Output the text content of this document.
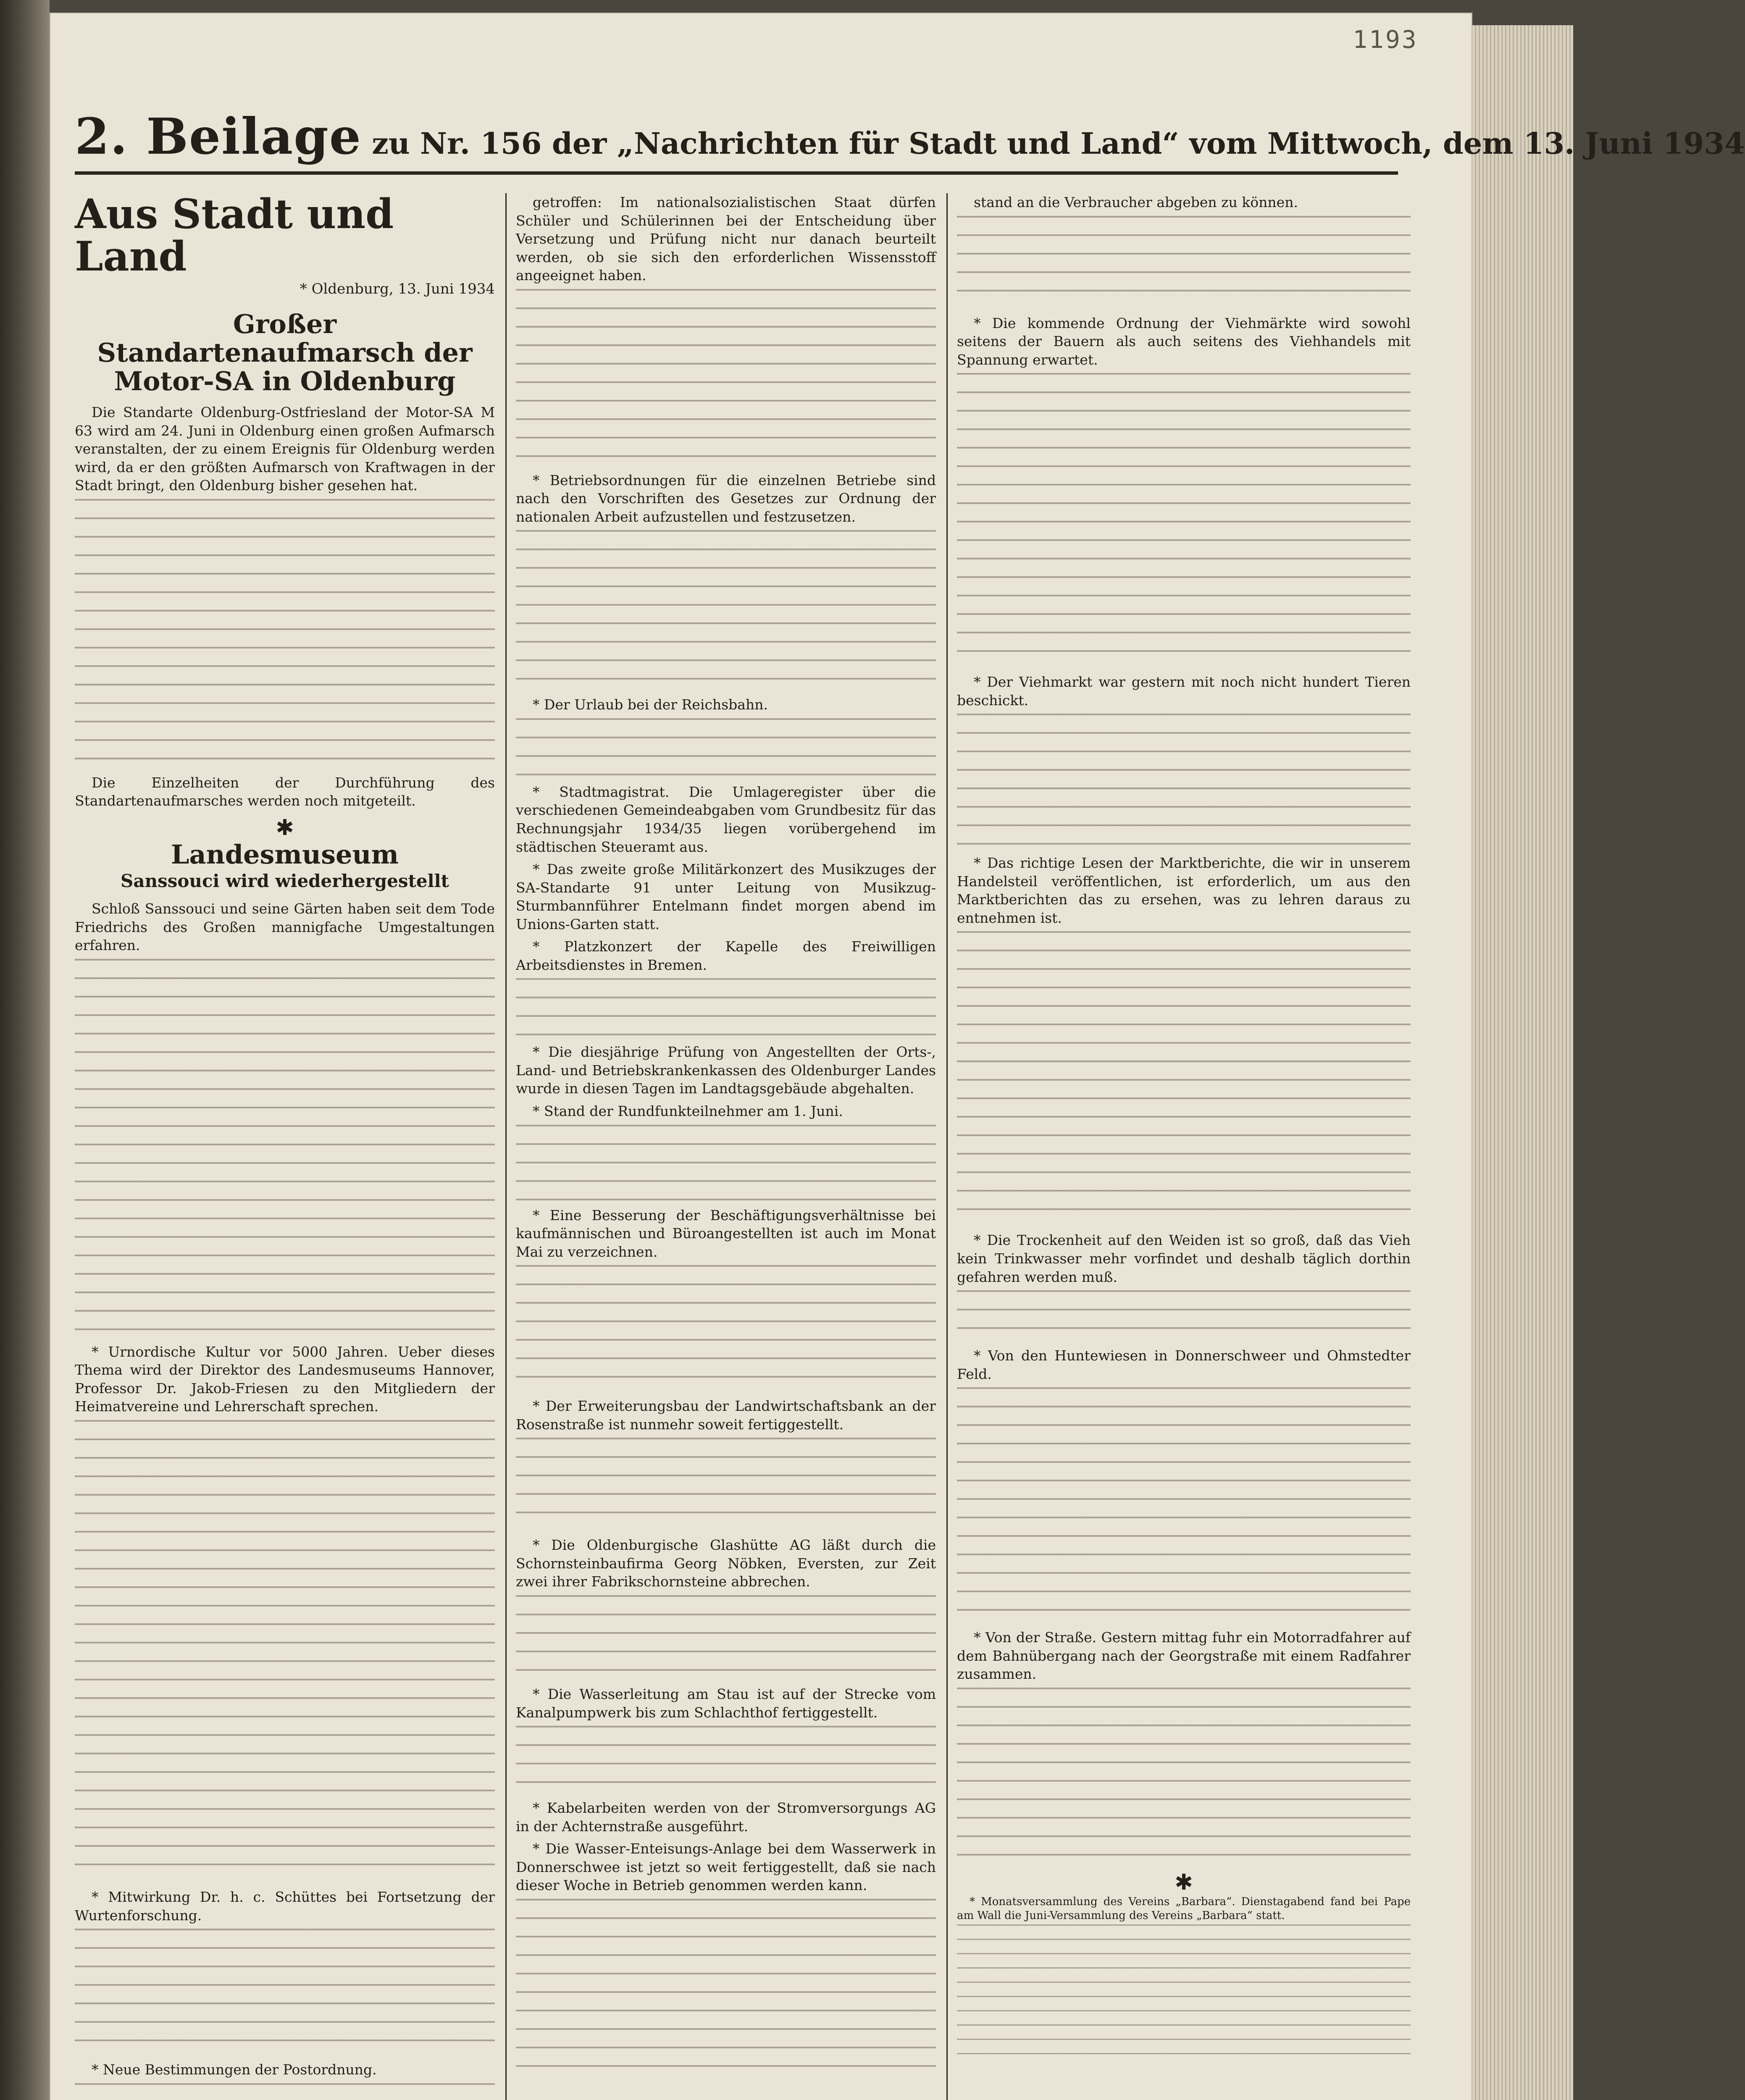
2. Beilage zu Nr. 156 der „Nachrichten für Stadt und Land“ vom Mittwoch, dem 13. Juni 1934
Aus Stadt und Land
* Oldenburg, 13. Juni 1934
Großer Standartenaufmarsch der Motor-SA in Oldenburg

Die Standarte Oldenburg-Ostfriesland der Motor-SA M 63 wird am 24. Juni in Oldenburg einen großen Aufmarsch veranstalten, der zu einem Ereignis für Oldenburg werden wird, da er den größten Aufmarsch von Kraftwagen in der Stadt bringt, den Oldenburg bisher gesehen hat.

Die Einzelheiten der Durchführung des Standartenaufmarsches werden noch mitgeteilt.

✱
Landesmuseum
Sanssouci wird wiederhergestellt

Schloß Sanssouci und seine Gärten haben seit dem Tode Friedrichs des Großen mannigfache Umgestaltungen erfahren.

* Urnordische Kultur vor 5000 Jahren. Ueber dieses Thema wird der Direktor des Landesmuseums Hannover, Professor Dr. Jakob-Friesen zu den Mitgliedern der Heimatvereine und Lehrerschaft sprechen.

* Mitwirkung Dr. h. c. Schüttes bei Fortsetzung der Wurtenforschung.

* Neue Bestimmungen der Postordnung.

getroffen: Im nationalsozialistischen Staat dürfen Schüler und Schülerinnen bei der Entscheidung über Versetzung und Prüfung nicht nur danach beurteilt werden, ob sie sich den erforderlichen Wissensstoff angeeignet haben.

* Betriebsordnungen für die einzelnen Betriebe sind nach den Vorschriften des Gesetzes zur Ordnung der nationalen Arbeit aufzustellen und festzusetzen.

* Der Urlaub bei der Reichsbahn.

* Stadtmagistrat. Die Umlageregister über die verschiedenen Gemeindeabgaben vom Grundbesitz für das Rechnungsjahr 1934/35 liegen vorübergehend im städtischen Steueramt aus.

* Das zweite große Militärkonzert des Musikzuges der SA-Standarte 91 unter Leitung von Musikzug-Sturmbannführer Entelmann findet morgen abend im Unions-Garten statt.

* Platzkonzert der Kapelle des Freiwilligen Arbeitsdienstes in Bremen.

* Die diesjährige Prüfung von Angestellten der Orts-, Land- und Betriebskrankenkassen des Oldenburger Landes wurde in diesen Tagen im Landtagsgebäude abgehalten.

* Stand der Rundfunkteilnehmer am 1. Juni.

* Eine Besserung der Beschäftigungsverhältnisse bei kaufmännischen und Büroangestellten ist auch im Monat Mai zu verzeichnen.

* Der Erweiterungsbau der Landwirtschaftsbank an der Rosenstraße ist nunmehr soweit fertiggestellt.

* Die Oldenburgische Glashütte AG läßt durch die Schornsteinbaufirma Georg Nöbken, Eversten, zur Zeit zwei ihrer Fabrikschornsteine abbrechen.

* Die Wasserleitung am Stau ist auf der Strecke vom Kanalpumpwerk bis zum Schlachthof fertiggestellt.

* Kabelarbeiten werden von der Stromversorgungs AG in der Achternstraße ausgeführt.

* Die Wasser-Enteisungs-Anlage bei dem Wasserwerk in Donnerschwee ist jetzt so weit fertiggestellt, daß sie nach dieser Woche in Betrieb genommen werden kann.

stand an die Verbraucher abgeben zu können.

* Die kommende Ordnung der Viehmärkte wird sowohl seitens der Bauern als auch seitens des Viehhandels mit Spannung erwartet.

* Der Viehmarkt war gestern mit noch nicht hundert Tieren beschickt.

* Das richtige Lesen der Marktberichte, die wir in unserem Handelsteil veröffentlichen, ist erforderlich, um aus den Marktberichten das zu ersehen, was zu lehren daraus zu entnehmen ist.

* Die Trockenheit auf den Weiden ist so groß, daß das Vieh kein Trinkwasser mehr vorfindet und deshalb täglich dorthin gefahren werden muß.

* Von den Huntewiesen in Donnerschweer und Ohmstedter Feld.

* Von der Straße. Gestern mittag fuhr ein Motorradfahrer auf dem Bahnübergang nach der Georgstraße mit einem Radfahrer zusammen.

✱

* Monatsversammlung des Vereins „Barbara“. Dienstagabend fand bei Pape am Wall die Juni-Versammlung des Vereins „Barbara“ statt.

1193
